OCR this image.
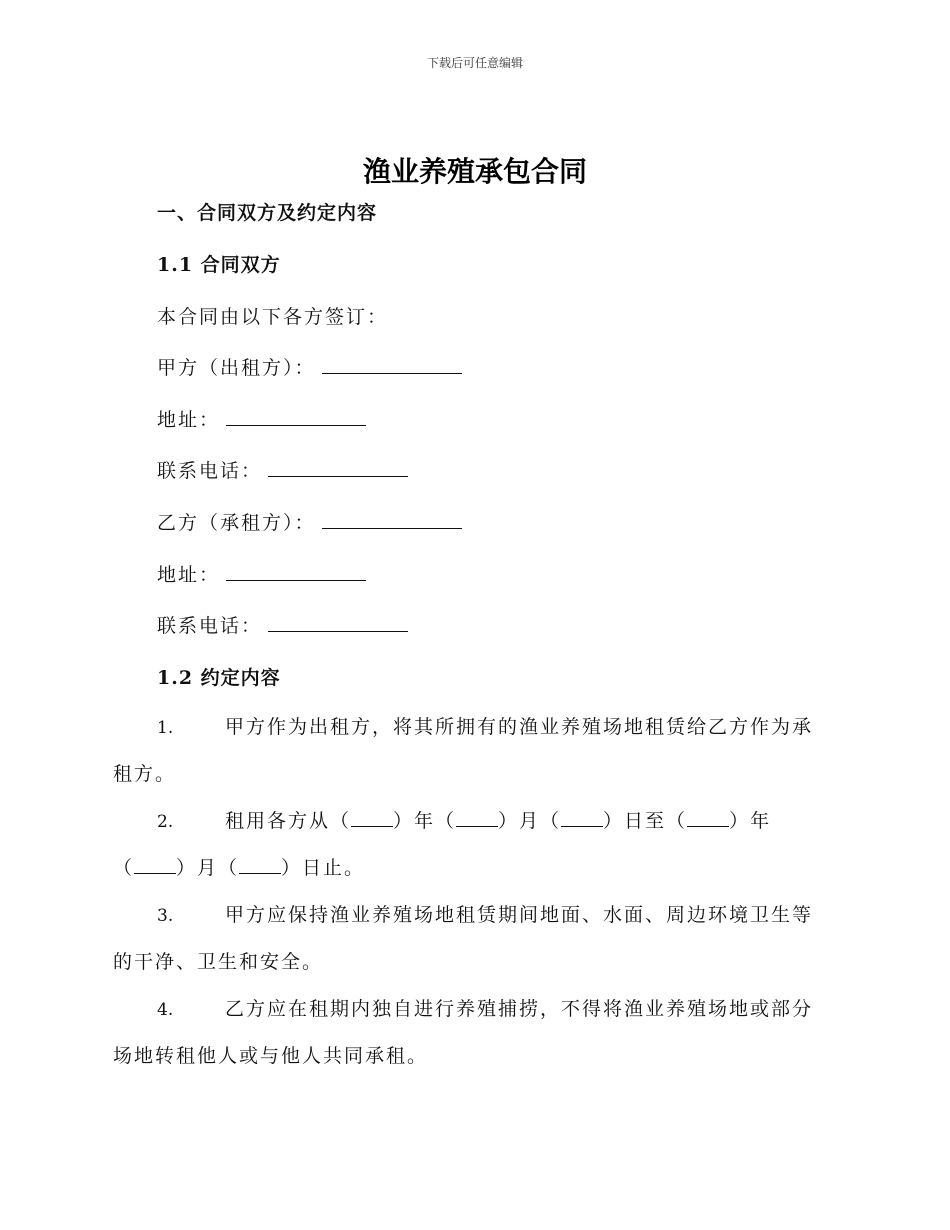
下载后可任意编辑
渔业养殖承包合同
一、合同双方及约定内容
1.1 合同双方
本合同由以下各方签订：
甲方（出租方）：
地址：
联系电话：
乙方（承租方）：
地址：
联系电话：
1.2 约定内容
1.	甲方作为出租方，将其所拥有的渔业养殖场地租赁给乙方作为承
租方。
2.	租用各方从（ ）年（ ）月（ ）日至（ ）年
（ ）月（ ）日止。
3.	甲方应保持渔业养殖场地租赁期间地面、水面、周边环境卫生等
的干净、卫生和安全。
4.	乙方应在租期内独自进行养殖捕捞，不得将渔业养殖场地或部分
场地转租他人或与他人共同承租。
